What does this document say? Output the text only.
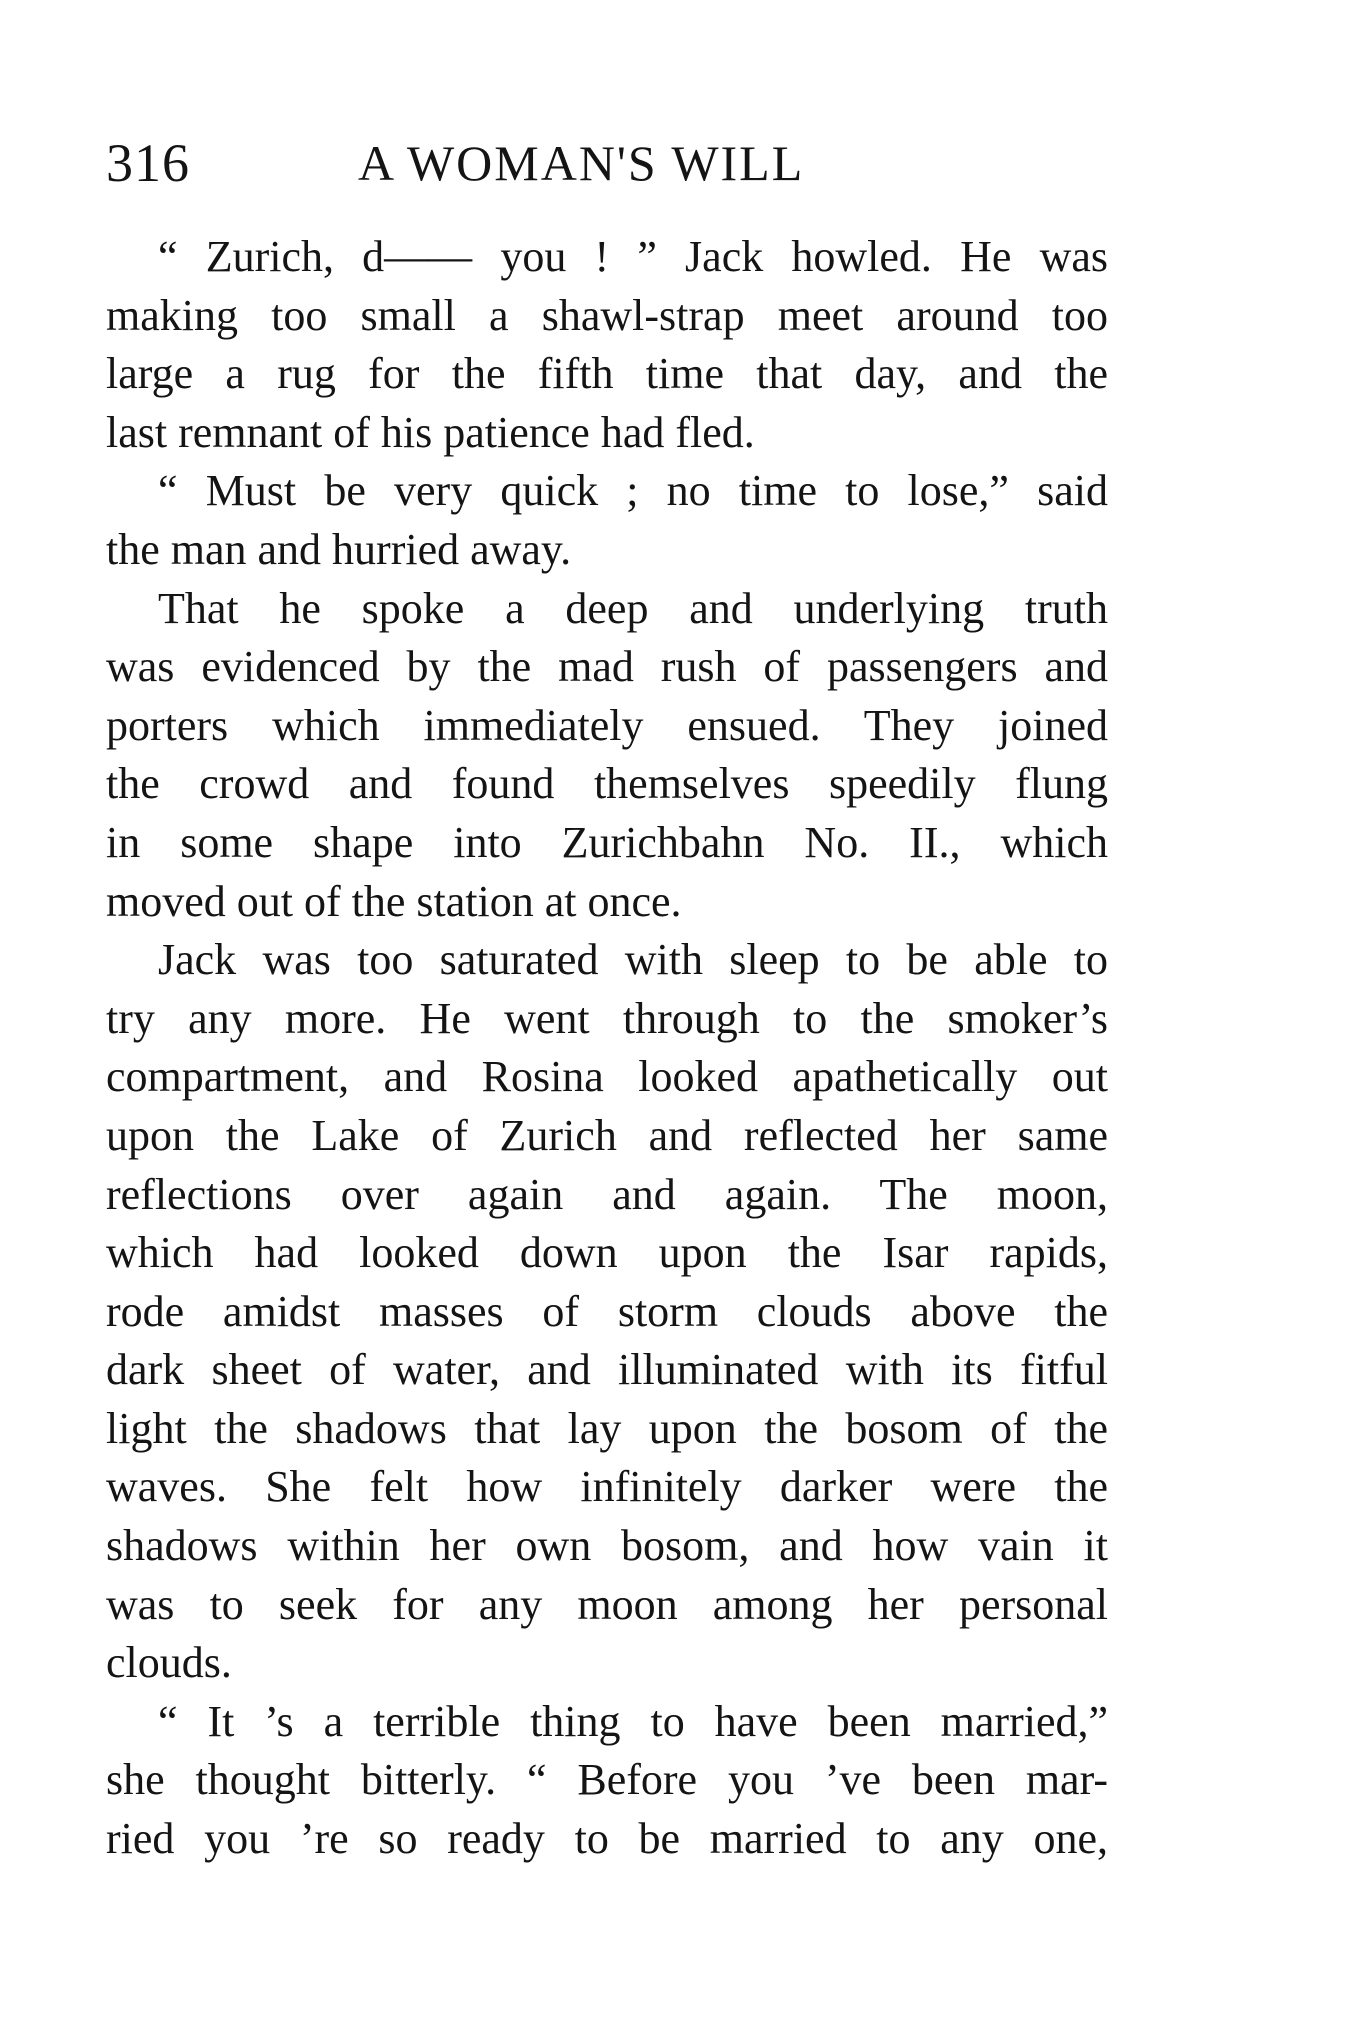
316	A WOMAN'S WILL
“ Zurich, d—— you ! ” Jack howled. He was
making too small a shawl-strap meet around too
large a rug for the fifth time that day, and the
last remnant of his patience had fled.
“ Must be very quick ; no time to lose,” said
the man and hurried away.
That he spoke a deep and underlying truth
was evidenced by the mad rush of passengers and
porters which immediately ensued. They joined
the crowd and found themselves speedily flung
in some shape into Zurichbahn No. II., which
moved out of the station at once.
Jack was too saturated with sleep to be able to
try any more. He went through to the smoker’s
compartment, and Rosina looked apathetically out
upon the Lake of Zurich and reflected her same
reflections over again and again. The moon,
which had looked down upon the Isar rapids,
rode amidst masses of storm clouds above the
dark sheet of water, and illuminated with its fitful
light the shadows that lay upon the bosom of the
waves. She felt how infinitely darker were the
shadows within her own bosom, and how vain it
was to seek for any moon among her personal
clouds.
“ It ’s a terrible thing to have been married,”
she thought bitterly. “ Before you ’ve been mar-
ried you ’re so ready to be married to any one,
